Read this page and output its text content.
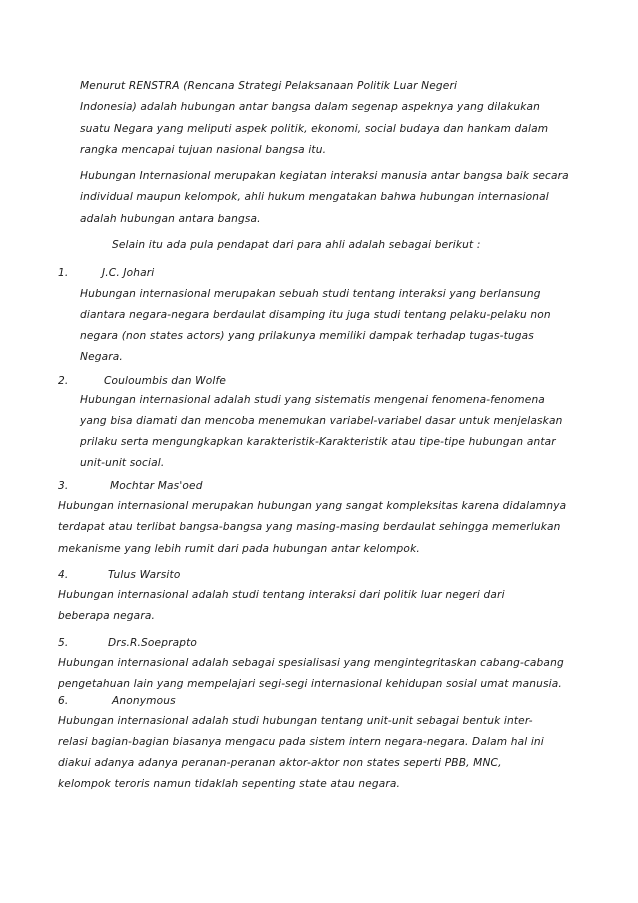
Menurut RENSTRA (Rencana Strategi Pelaksanaan Politik Luar Negeri
Indonesia) adalah hubungan antar bangsa dalam segenap aspeknya yang dilakukan
suatu Negara yang meliputi aspek politik, ekonomi, social budaya dan hankam dalam
rangka mencapai tujuan nasional bangsa itu.
Hubungan Internasional merupakan kegiatan interaksi manusia antar bangsa baik secara
individual maupun kelompok, ahli hukum mengatakan bahwa hubungan internasional
adalah hubungan antara bangsa.
Selain itu ada pula pendapat dari para ahli adalah sebagai berikut :
1.	J.C. Johari
Hubungan internasional merupakan sebuah studi tentang interaksi yang berlansung
diantara negara-negara berdaulat disamping itu juga studi tentang pelaku-pelaku non
negara (non states actors) yang prilakunya memiliki dampak terhadap tugas-tugas
Negara.
2.	Couloumbis dan Wolfe
Hubungan internasional adalah studi yang sistematis mengenai fenomena-fenomena
yang bisa diamati dan mencoba menemukan variabel-variabel dasar untuk menjelaskan
prilaku serta mengungkapkan karakteristik-Karakteristik atau tipe-tipe hubungan antar
unit-unit social.
3.	Mochtar Mas'oed
Hubungan internasional merupakan hubungan yang sangat kompleksitas karena didalamnya
terdapat atau terlibat bangsa-bangsa yang masing-masing berdaulat sehingga memerlukan
mekanisme yang lebih rumit dari pada hubungan antar kelompok.
4.	Tulus Warsito
Hubungan internasional adalah studi tentang interaksi dari politik luar negeri dari
beberapa negara.
5.	Drs.R.Soeprapto
Hubungan internasional adalah sebagai spesialisasi yang mengintegritaskan cabang-cabang
pengetahuan lain yang mempelajari segi-segi internasional kehidupan sosial umat manusia.
6.	Anonymous
Hubungan internasional adalah studi hubungan tentang unit-unit sebagai bentuk inter-
relasi bagian-bagian biasanya mengacu pada sistem intern negara-negara. Dalam hal ini
diakui adanya adanya peranan-peranan aktor-aktor non states seperti PBB, MNC,
kelompok teroris namun tidaklah sepenting state atau negara.
